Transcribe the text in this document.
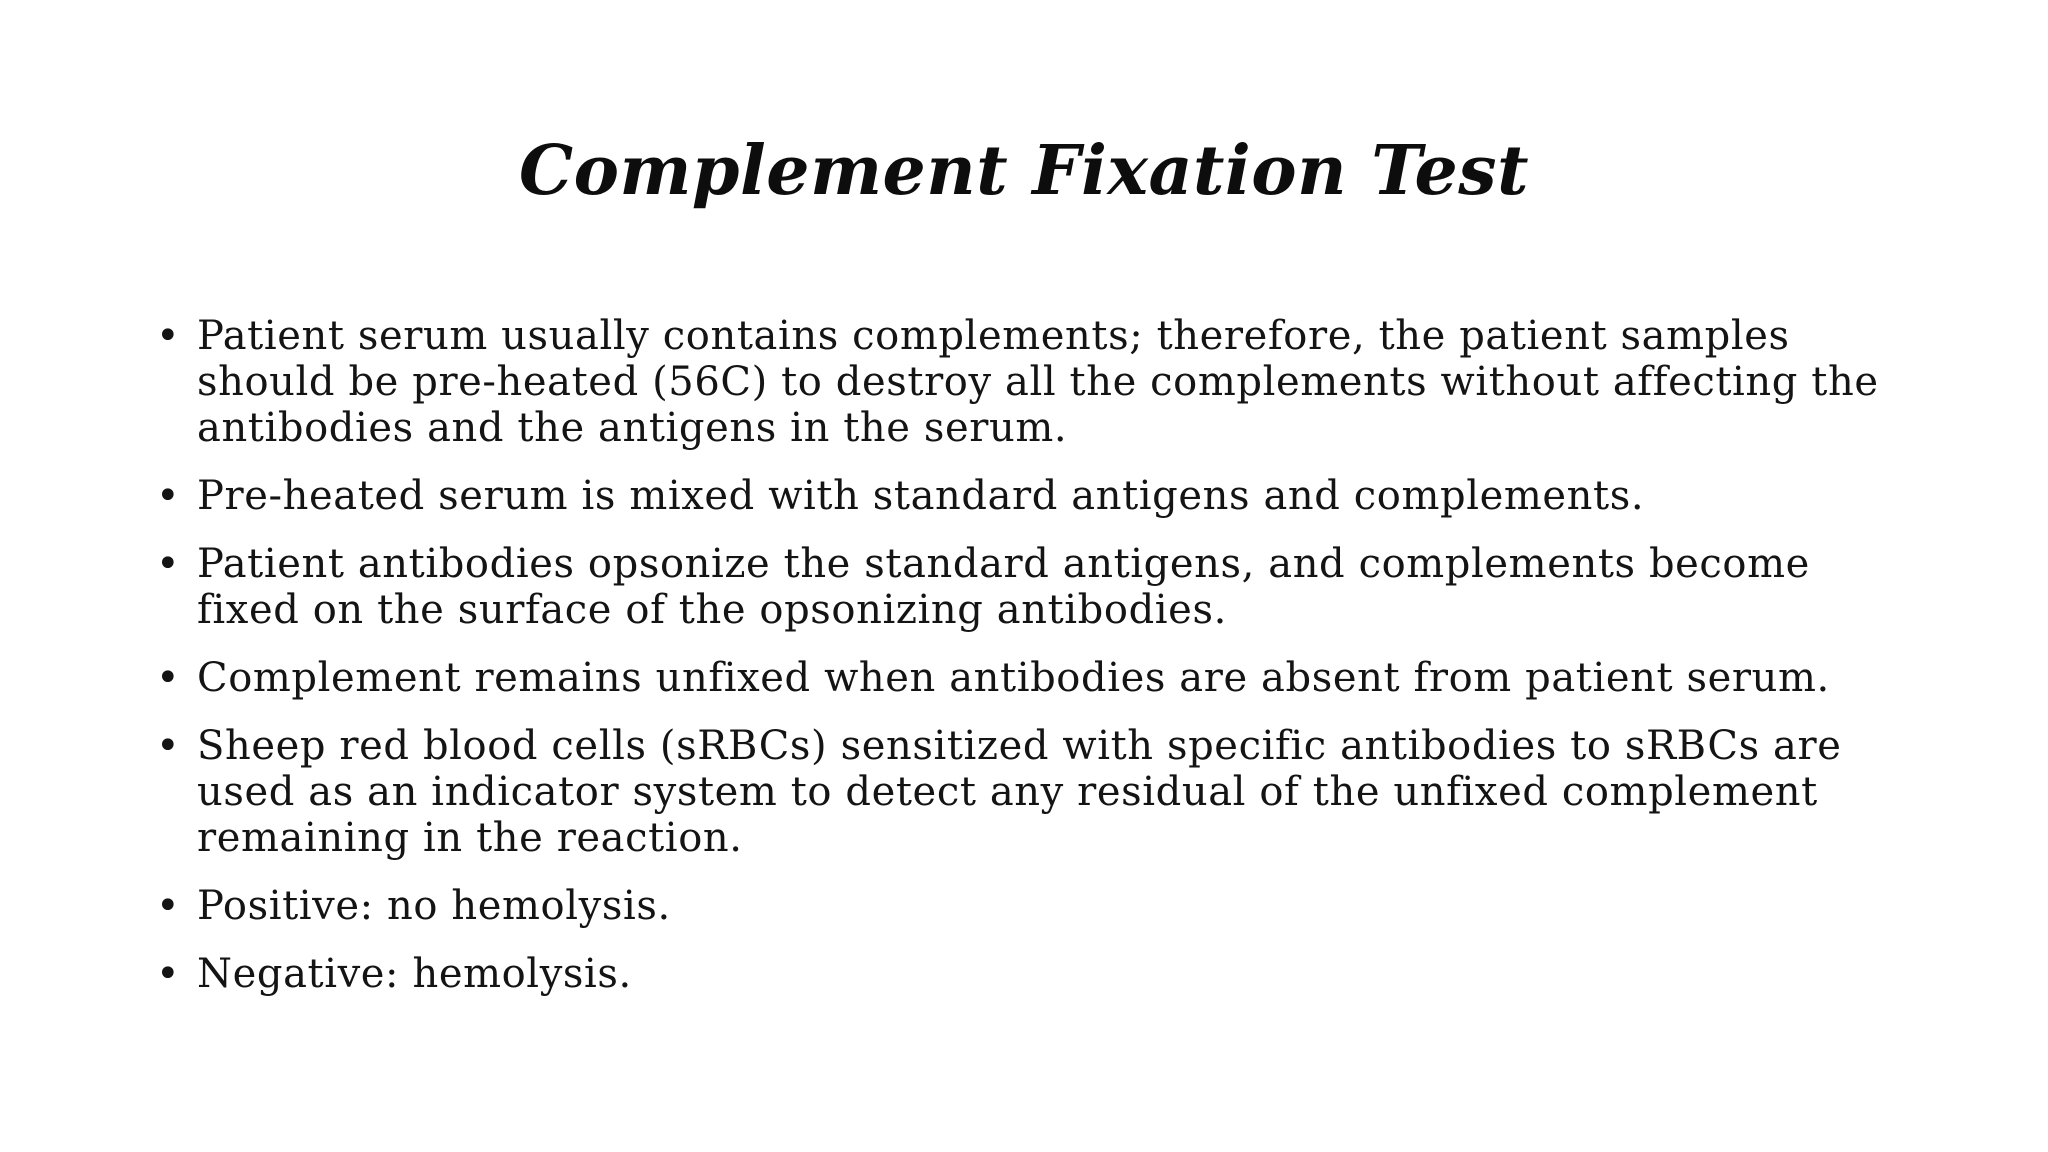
Complement Fixation Test
• Patient serum usually contains complements; therefore, the patient samples should be pre-heated (56C) to destroy all the complements without affecting the antibodies and the antigens in the serum.
• Pre-heated serum is mixed with standard antigens and complements.
• Patient antibodies opsonize the standard antigens, and complements become fixed on the surface of the opsonizing antibodies.
• Complement remains unfixed when antibodies are absent from patient serum.
• Sheep red blood cells (sRBCs) sensitized with specific antibodies to sRBCs are used as an indicator system to detect any residual of the unfixed complement remaining in the reaction.
• Positive: no hemolysis.
• Negative: hemolysis.
